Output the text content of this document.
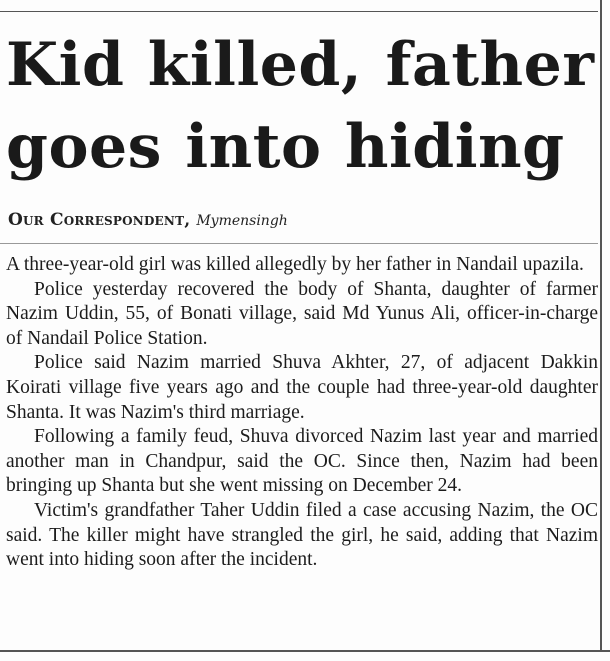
Kid killed, father goes into hiding
Our Correspondent, Mymensingh

A three-year-old girl was killed allegedly by her father in Nandail upazila.

Police yesterday recovered the body of Shanta, daughter of farmer Nazim Uddin, 55, of Bonati village, said Md Yunus Ali, officer-in-charge of Nandail Police Station.

Police said Nazim married Shuva Akhter, 27, of adjacent Dakkin Koirati village five years ago and the couple had three-year-old daughter Shanta. It was Nazim's third marriage.

Following a family feud, Shuva divorced Nazim last year and married another man in Chandpur, said the OC. Since then, Nazim had been bringing up Shanta but she went missing on December 24.

Victim's grandfather Taher Uddin filed a case accusing Nazim, the OC said. The killer might have strangled the girl, he said, adding that Nazim went into hiding soon after the incident.
